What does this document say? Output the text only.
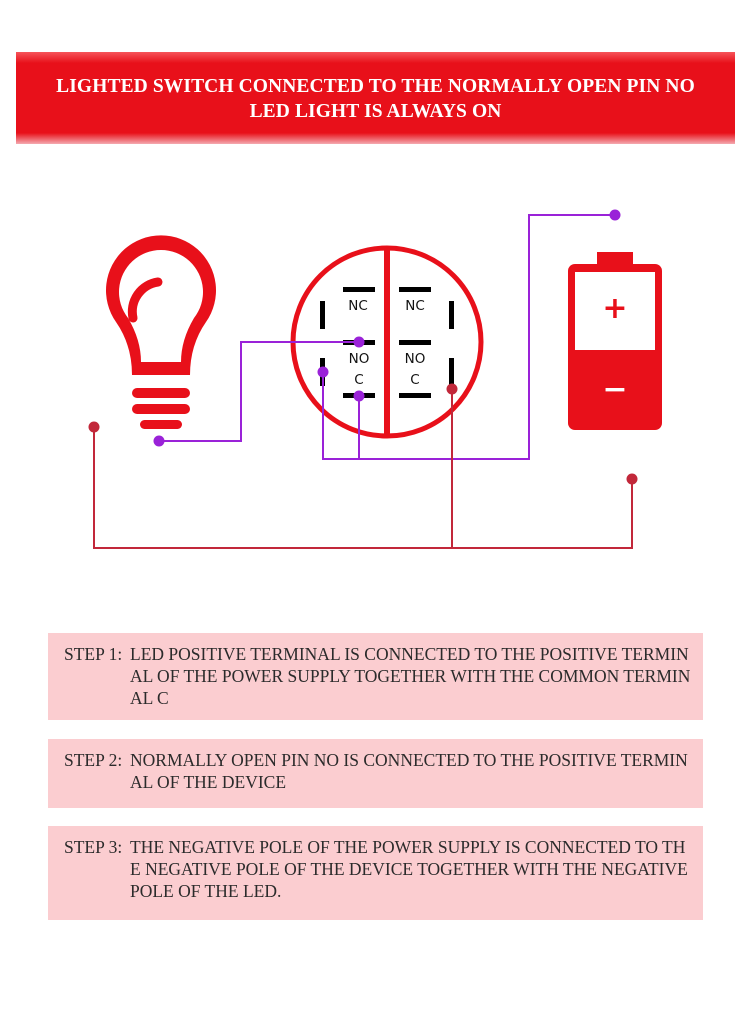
LIGHTED SWITCH CONNECTED TO THE NORMALLY OPEN PIN NO
LED LIGHT IS ALWAYS ON
NC	NC
NO	NO
C	C
+
−
STEP 1: LED POSITIVE TERMINAL IS CONNECTED TO THE POSITIVE TERMINAL OF THE POWER SUPPLY TOGETHER WITH THE COMMON TERMINAL C
STEP 2: NORMALLY OPEN PIN NO IS CONNECTED TO THE POSITIVE TERMINAL OF THE DEVICE
STEP 3: THE NEGATIVE POLE OF THE POWER SUPPLY IS CONNECTED TO THE NEGATIVE POLE OF THE DEVICE TOGETHER WITH THE NEGATIVE POLE OF THE LED.
